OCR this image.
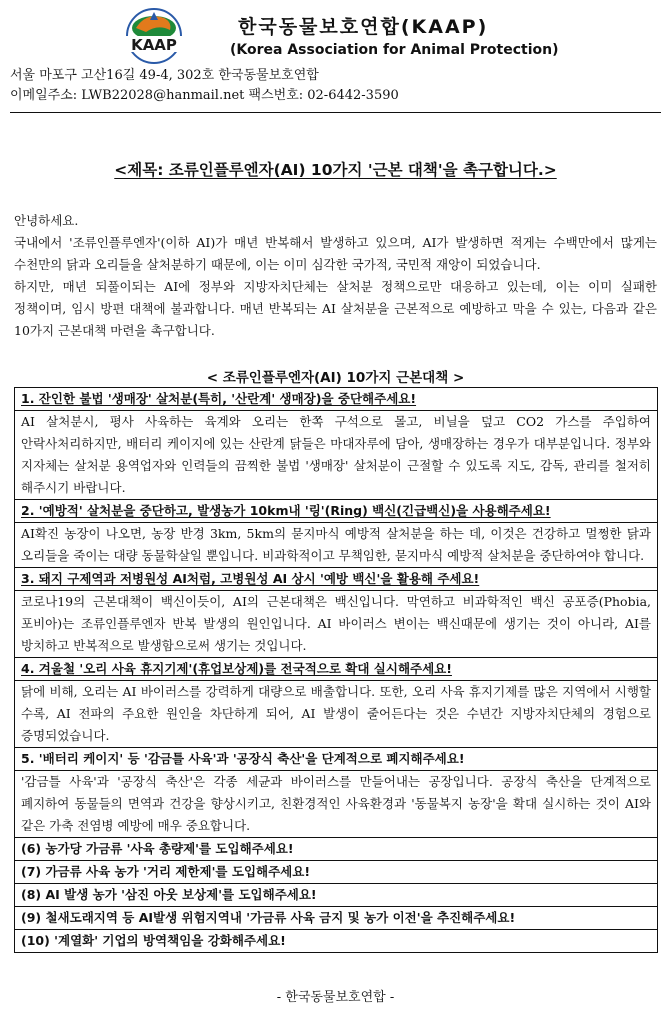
KAAP
한국동물보호연합(KAAP)
(Korea Association for Animal Protection)
서울 마포구 고산16길 49-4, 302호 한국동물보호연합
이메일주소: LWB22028@hanmail.net 팩스번호: 02-6442-3590
<제목: 조류인플루엔자(AI) 10가지 '근본 대책'을 촉구합니다.>

안녕하세요.

국내에서 '조류인플루엔자'(이하 AI)가 매년 반복해서 발생하고 있으며, AI가 발생하면 적게는 수백만에서 많게는 수천만의 닭과 오리들을 살처분하기 때문에, 이는 이미 심각한 국가적, 국민적 재앙이 되었습니다.

하지만, 매년 되풀이되는 AI에 정부와 지방자치단체는 살처분 정책으로만 대응하고 있는데, 이는 이미 실패한 정책이며, 임시 방편 대책에 불과합니다. 매년 반복되는 AI 살처분을 근본적으로 예방하고 막을 수 있는, 다음과 같은 10가지 근본대책 마련을 촉구합니다.

< 조류인플루엔자(AI) 10가지 근본대책 >
1. 잔인한 불법 '생매장' 살처분(특히, '산란계' 생매장)을 중단해주세요!
AI 살처분시, 평사 사육하는 육계와 오리는 한쪽 구석으로 몰고, 비닐을 덮고 CO2 가스를 주입하여 안락사처리하지만, 배터리 케이지에 있는 산란계 닭들은 마대자루에 담아, 생매장하는 경우가 대부분입니다. 정부와 지자체는 살처분 용역업자와 인력들의 끔찍한 불법 '생매장' 살처분이 근절할 수 있도록 지도, 감독, 관리를 철저히 해주시기 바랍니다.
2. '예방적' 살처분을 중단하고, 발생농가 10km내 '링'(Ring) 백신(긴급백신)을 사용해주세요!
AI확진 농장이 나오면, 농장 반경 3km, 5km의 묻지마식 예방적 살처분을 하는 데, 이것은 건강하고 멀쩡한 닭과 오리들을 죽이는 대량 동물학살일 뿐입니다. 비과학적이고 무책임한, 묻지마식 예방적 살처분을 중단하여야 합니다.
3. 돼지 구제역과 저병원성 AI처럼, 고병원성 AI 상시 '예방 백신'을 활용해 주세요!
코로나19의 근본대책이 백신이듯이, AI의 근본대책은 백신입니다. 막연하고 비과학적인 백신 공포증(Phobia, 포비아)는 조류인플루엔자 반복 발생의 원인입니다. AI 바이러스 변이는 백신때문에 생기는 것이 아니라, AI를 방치하고 반복적으로 발생함으로써 생기는 것입니다.
4. 겨울철 '오리 사육 휴지기제'(휴업보상제)를 전국적으로 확대 실시해주세요!
닭에 비해, 오리는 AI 바이러스를 강력하게 대량으로 배출합니다. 또한, 오리 사육 휴지기제를 많은 지역에서 시행할 수록, AI 전파의 주요한 원인을 차단하게 되어, AI 발생이 줄어든다는 것은 수년간 지방자치단체의 경험으로 증명되었습니다.
5. '배터리 케이지' 등 '감금틀 사육'과 '공장식 축산'을 단계적으로 폐지해주세요!
'감금틀 사육'과 '공장식 축산'은 각종 세균과 바이러스를 만들어내는 공장입니다. 공장식 축산을 단계적으로 폐지하여 동물들의 면역과 건강을 향상시키고, 친환경적인 사육환경과 '동물복지 농장'을 확대 실시하는 것이 AI와 같은 가축 전염병 예방에 매우 중요합니다.
(6) 농가당 가금류 '사육 총량제'를 도입해주세요!
(7) 가금류 사육 농가 '거리 제한제'를 도입해주세요!
(8) AI 발생 농가 '삼진 아웃 보상제'를 도입해주세요!
(9) 철새도래지역 등 AI발생 위험지역내 '가금류 사육 금지 및 농가 이전'을 추진해주세요!
(10) '계열화' 기업의 방역책임을 강화해주세요!
- 한국동물보호연합 -
